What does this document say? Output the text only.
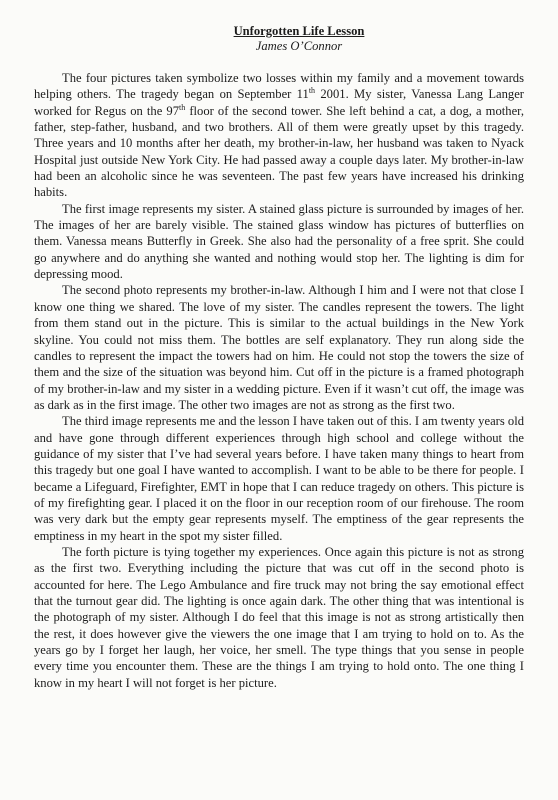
Unforgotten Life Lesson
James O’Connor

The four pictures taken symbolize two losses within my family and a movement towards helping others. The tragedy began on September 11th 2001. My sister, Vanessa Lang Langer worked for Regus on the 97th floor of the second tower. She left behind a cat, a dog, a mother, father, step-father, husband, and two brothers. All of them were greatly upset by this tragedy. Three years and 10 months after her death, my brother-in-law, her husband was taken to Nyack Hospital just outside New York City. He had passed away a couple days later. My brother-in-law had been an alcoholic since he was seventeen. The past few years have increased his drinking habits.

The first image represents my sister. A stained glass picture is surrounded by images of her. The images of her are barely visible. The stained glass window has pictures of butterflies on them. Vanessa means Butterfly in Greek. She also had the personality of a free sprit. She could go anywhere and do anything she wanted and nothing would stop her. The lighting is dim for depressing mood.

The second photo represents my brother-in-law. Although I him and I were not that close I know one thing we shared. The love of my sister. The candles represent the towers. The light from them stand out in the picture. This is similar to the actual buildings in the New York skyline. You could not miss them. The bottles are self explanatory. They run along side the candles to represent the impact the towers had on him. He could not stop the towers the size of them and the size of the situation was beyond him. Cut off in the picture is a framed photograph of my brother-in-law and my sister in a wedding picture. Even if it wasn’t cut off, the image was as dark as in the first image. The other two images are not as strong as the first two.

The third image represents me and the lesson I have taken out of this. I am twenty years old and have gone through different experiences through high school and college without the guidance of my sister that I’ve had several years before. I have taken many things to heart from this tragedy but one goal I have wanted to accomplish. I want to be able to be there for people. I became a Lifeguard, Firefighter, EMT in hope that I can reduce tragedy on others. This picture is of my firefighting gear. I placed it on the floor in our reception room of our firehouse. The room was very dark but the empty gear represents myself. The emptiness of the gear represents the emptiness in my heart in the spot my sister filled.

The forth picture is tying together my experiences. Once again this picture is not as strong as the first two. Everything including the picture that was cut off in the second photo is accounted for here. The Lego Ambulance and fire truck may not bring the say emotional effect that the turnout gear did. The lighting is once again dark. The other thing that was intentional is the photograph of my sister. Although I do feel that this image is not as strong artistically then the rest, it does however give the viewers the one image that I am trying to hold on to. As the years go by I forget her laugh, her voice, her smell. The type things that you sense in people every time you encounter them. These are the things I am trying to hold onto. The one thing I know in my heart I will not forget is her picture.
